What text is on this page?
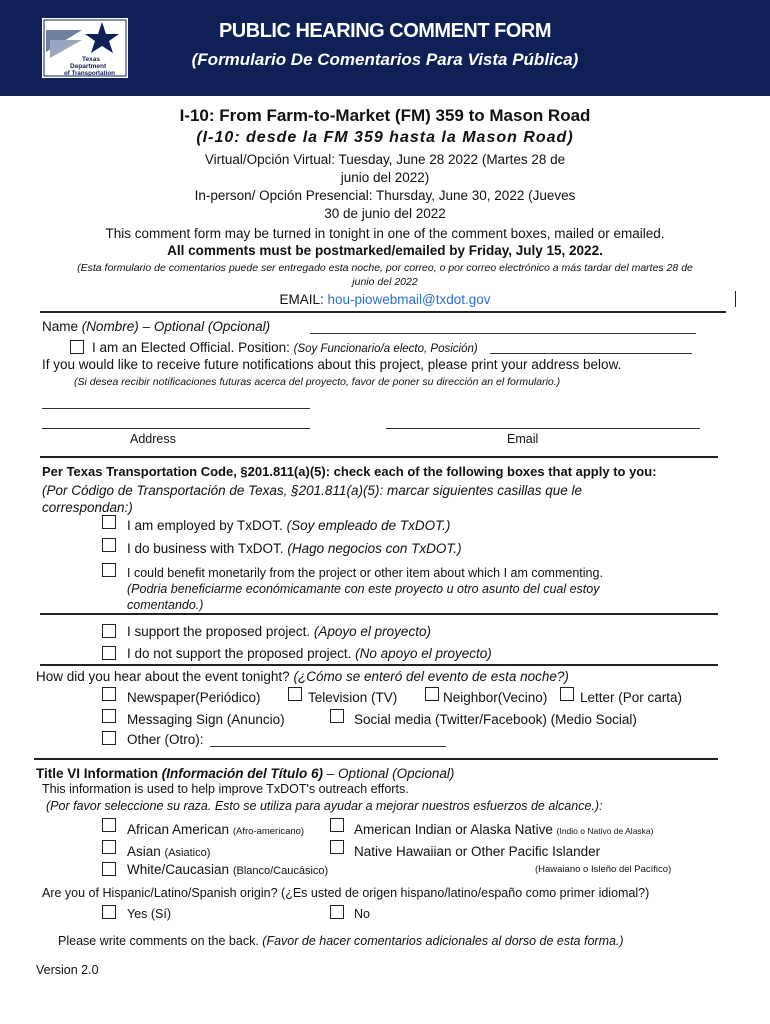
Texas
Department
of Transportation
PUBLIC HEARING COMMENT FORM
(Formulario De Comentarios Para Vista Pública)
I-10: From Farm-to-Market (FM) 359 to Mason Road
(I-10: desde la FM 359 hasta la Mason Road)
Virtual/Opción Virtual: Tuesday, June 28 2022 (Martes 28 de
junio del 2022)
In-person/ Opción Presencial: Thursday, June 30, 2022 (Jueves
30 de junio del 2022
This comment form may be turned in tonight in one of the comment boxes, mailed or emailed.
All comments must be postmarked/emailed by Friday, July 15, 2022.
(Esta formulario de comentarios puede ser entregado esta noche, por correo, o por correo electrónico a más tardar del martes 28 de
junio del 2022
EMAIL: hou-piowebmail@txdot.gov
Name (Nombre) – Optional (Opcional)
I am an Elected Official. Position: (Soy Funcionario/a electo, Posición)
If you would like to receive future notifications about this project, please print your address below.
(Si desea recibir notificaciones futuras acerca del proyecto, favor de poner su dirección an el formulario.)
Address	Email
Per Texas Transportation Code, §201.811(a)(5): check each of the following boxes that apply to you:
(Por Código de Transportación de Texas, §201.811(a)(5): marcar siguientes casillas que le
correspondan:)
I am employed by TxDOT. (Soy empleado de TxDOT.)
I do business with TxDOT. (Hago negocios con TxDOT.)
I could benefit monetarily from the project or other item about which I am commenting.
(Podria beneficiarme económicamante con este proyecto u otro asunto del cual estoy
comentando.)
I support the proposed project. (Apoyo el proyecto)
I do not support the proposed project. (No apoyo el proyecto)
How did you hear about the event tonight? (¿Cómo se enteró del evento de esta noche?)
Newspaper(Periódico)	Television (TV)	Neighbor(Vecino) Letter (Por carta)
Messaging Sign (Anuncio)	Social media (Twitter/Facebook) (Medio Social)
Other (Otro):
Title VI Information (Información del Título 6) – Optional (Opcional)
This information is used to help improve TxDOT's outreach efforts.
(Por favor seleccione su raza. Esto se utiliza para ayudar a mejorar nuestros esfuerzos de alcance.):
African American (Afro-americano)	American Indian or Alaska Native (Indio o Nativo de Alaska)
Asian (Asiatico)	Native Hawaiian or Other Pacific Islander
White/Caucasian (Blanco/Caucásico)	(Hawaiano o Isleño del Pacífico)
Are you of Hispanic/Latino/Spanish origin? (¿Es usted de origen hispano/latino/españo como primer idiomal?)
Yes (Sí)	No
Please write comments on the back. (Favor de hacer comentarios adicionales al dorso de esta forma.)
Version 2.0
